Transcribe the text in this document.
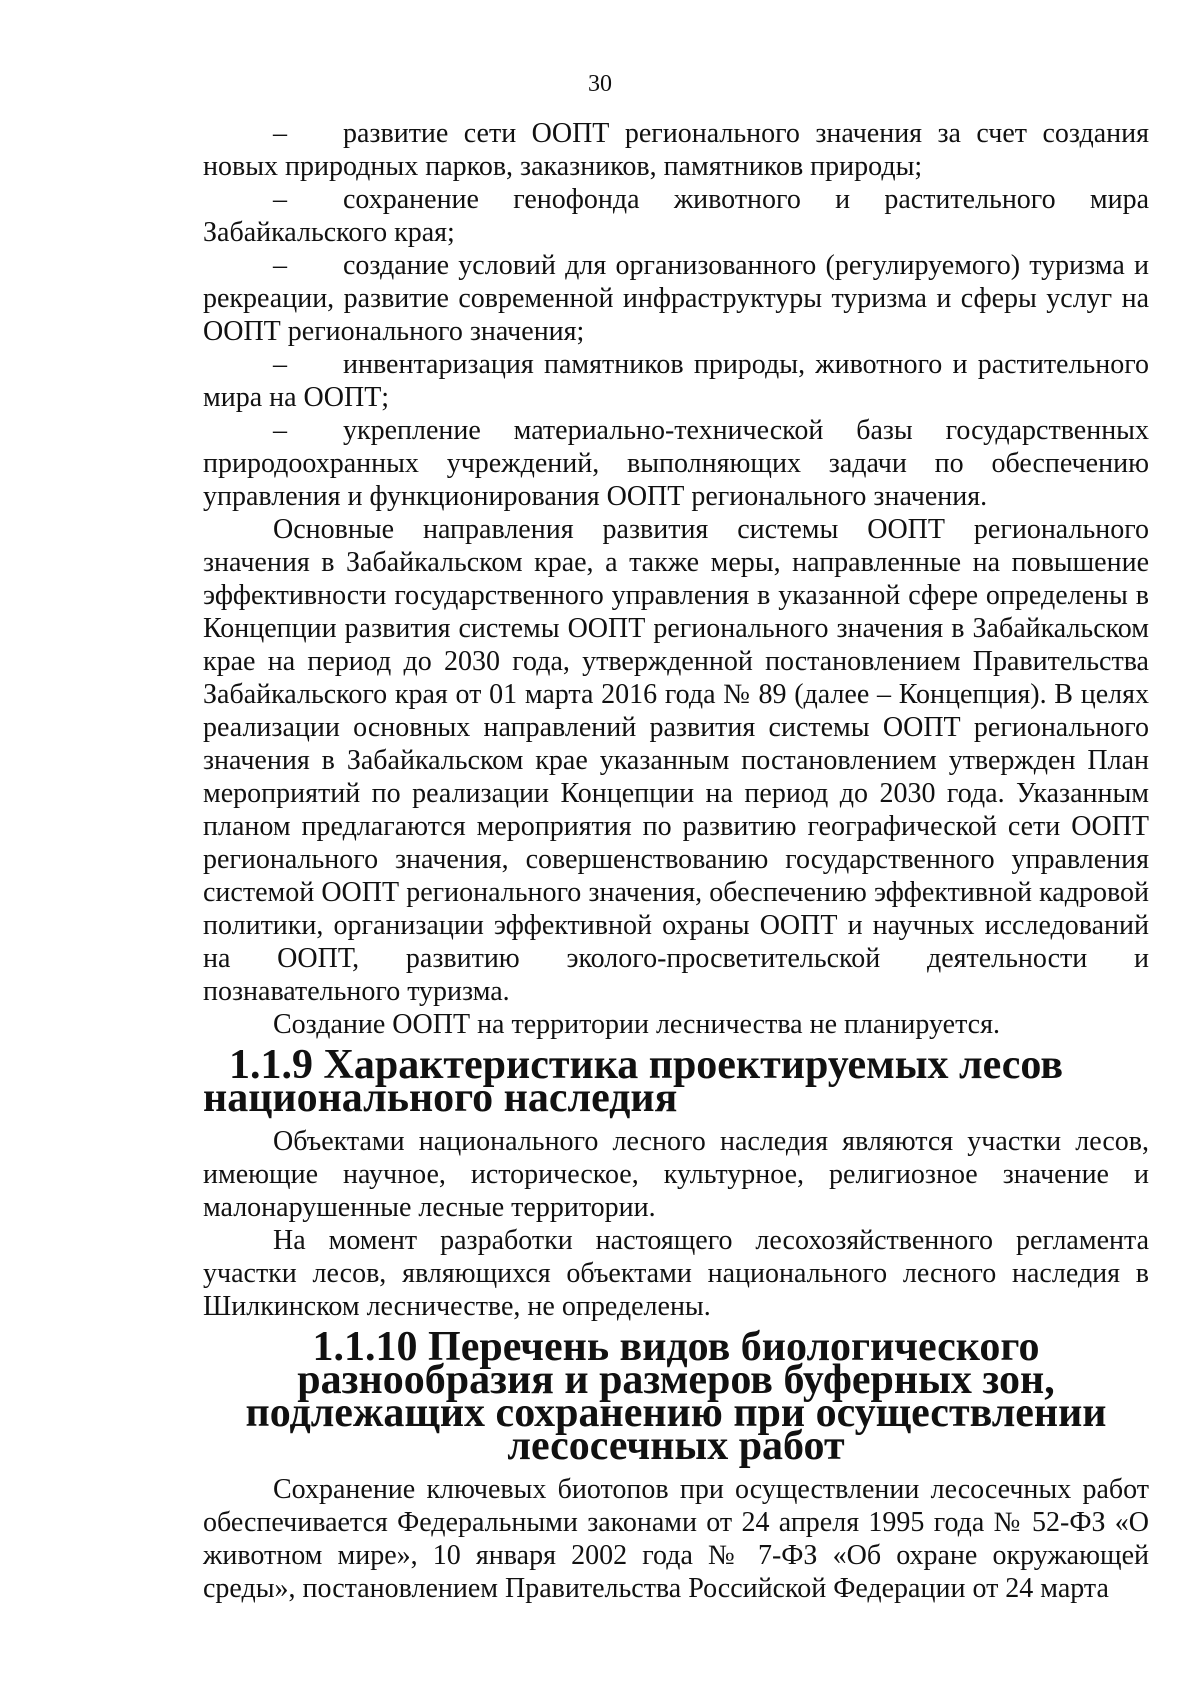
30

– развитие сети ООПТ регионального значения за счет создания новых природных парков, заказников, памятников природы;

– сохранение генофонда животного и растительного мира Забайкальского края;

– создание условий для организованного (регулируемого) туризма и рекреации, развитие современной инфраструктуры туризма и сферы услуг на ООПТ регионального значения;

– инвентаризация памятников природы, животного и растительного мира на ООПТ;

– укрепление материально-технической базы государственных природоохранных учреждений, выполняющих задачи по обеспечению управления и функционирования ООПТ регионального значения.

Основные направления развития системы ООПТ регионального значения в Забайкальском крае, а также меры, направленные на повышение эффективности государственного управления в указанной сфере определены в Концепции развития системы ООПТ регионального значения в Забайкальском крае на период до 2030 года, утвержденной постановлением Правительства Забайкальского края от 01 марта 2016 года № 89 (далее – Концепция). В целях реализации основных направлений развития системы ООПТ регионального значения в Забайкальском крае указанным постановлением утвержден План мероприятий по реализации Концепции на период до 2030 года. Указанным планом предлагаются мероприятия по развитию географической сети ООПТ регионального значения, совершенствованию государственного управления системой ООПТ регионального значения, обеспечению эффективной кадровой политики, организации эффективной охраны ООПТ и научных исследований на ООПТ, развитию эколого-просветительской деятельности и познавательного туризма.

Создание ООПТ на территории лесничества не планируется.

1.1.9 Характеристика проектируемых лесов национального наследия

Объектами национального лесного наследия являются участки лесов, имеющие научное, историческое, культурное, религиозное значение и малонарушенные лесные территории.

На момент разработки настоящего лесохозяйственного регламента участки лесов, являющихся объектами национального лесного наследия в Шилкинском лесничестве, не определены.

1.1.10 Перечень видов биологического разнообразия и размеров буферных зон, подлежащих сохранению при осуществлении лесосечных работ

Сохранение ключевых биотопов при осуществлении лесосечных работ обеспечивается Федеральными законами от 24 апреля 1995 года № 52-ФЗ «О животном мире», 10 января 2002 года № 7-ФЗ «Об охране окружающей среды», постановлением Правительства Российской Федерации от 24 марта
